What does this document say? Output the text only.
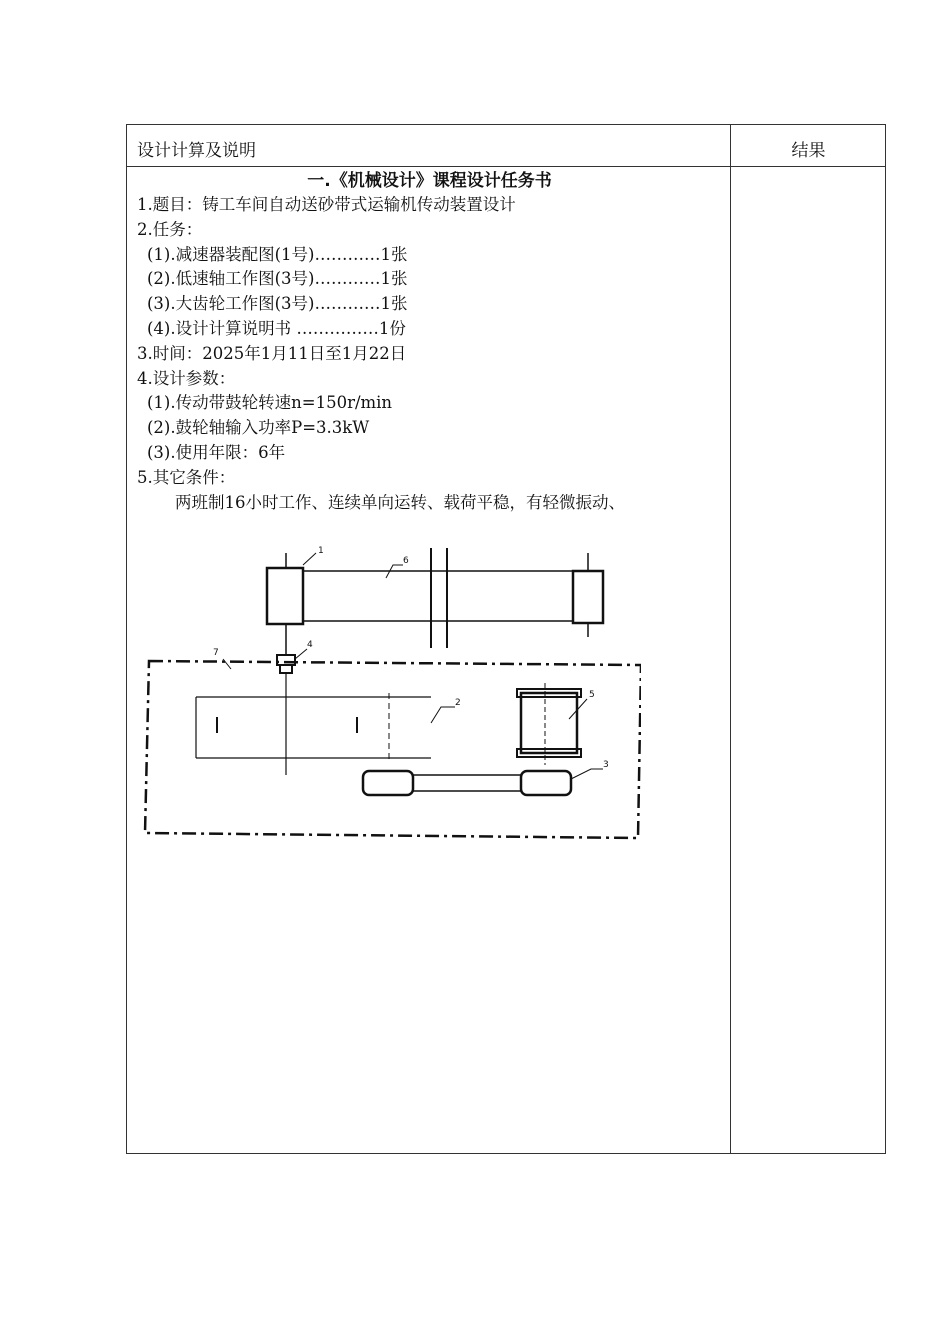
设计计算及说明	结果
一.《机械设计》课程设计任务书
1.题目：铸工车间自动送砂带式运输机传动装置设计
2.任务：
(1).减速器装配图(1号)…………1张
(2).低速轴工作图(3号)…………1张
(3).大齿轮工作图(3号)…………1张
(4).设计计算说明书 ……………1份
3.时间：2025年1月11日至1月22日
4.设计参数：
(1).传动带鼓轮转速n=150r/min
(2).鼓轮轴输入功率P=3.3kW
(3).使用年限：6年
5.其它条件：
两班制16小时工作、连续单向运转、载荷平稳，有轻微振动、
1
2
3
4
5
6
7
